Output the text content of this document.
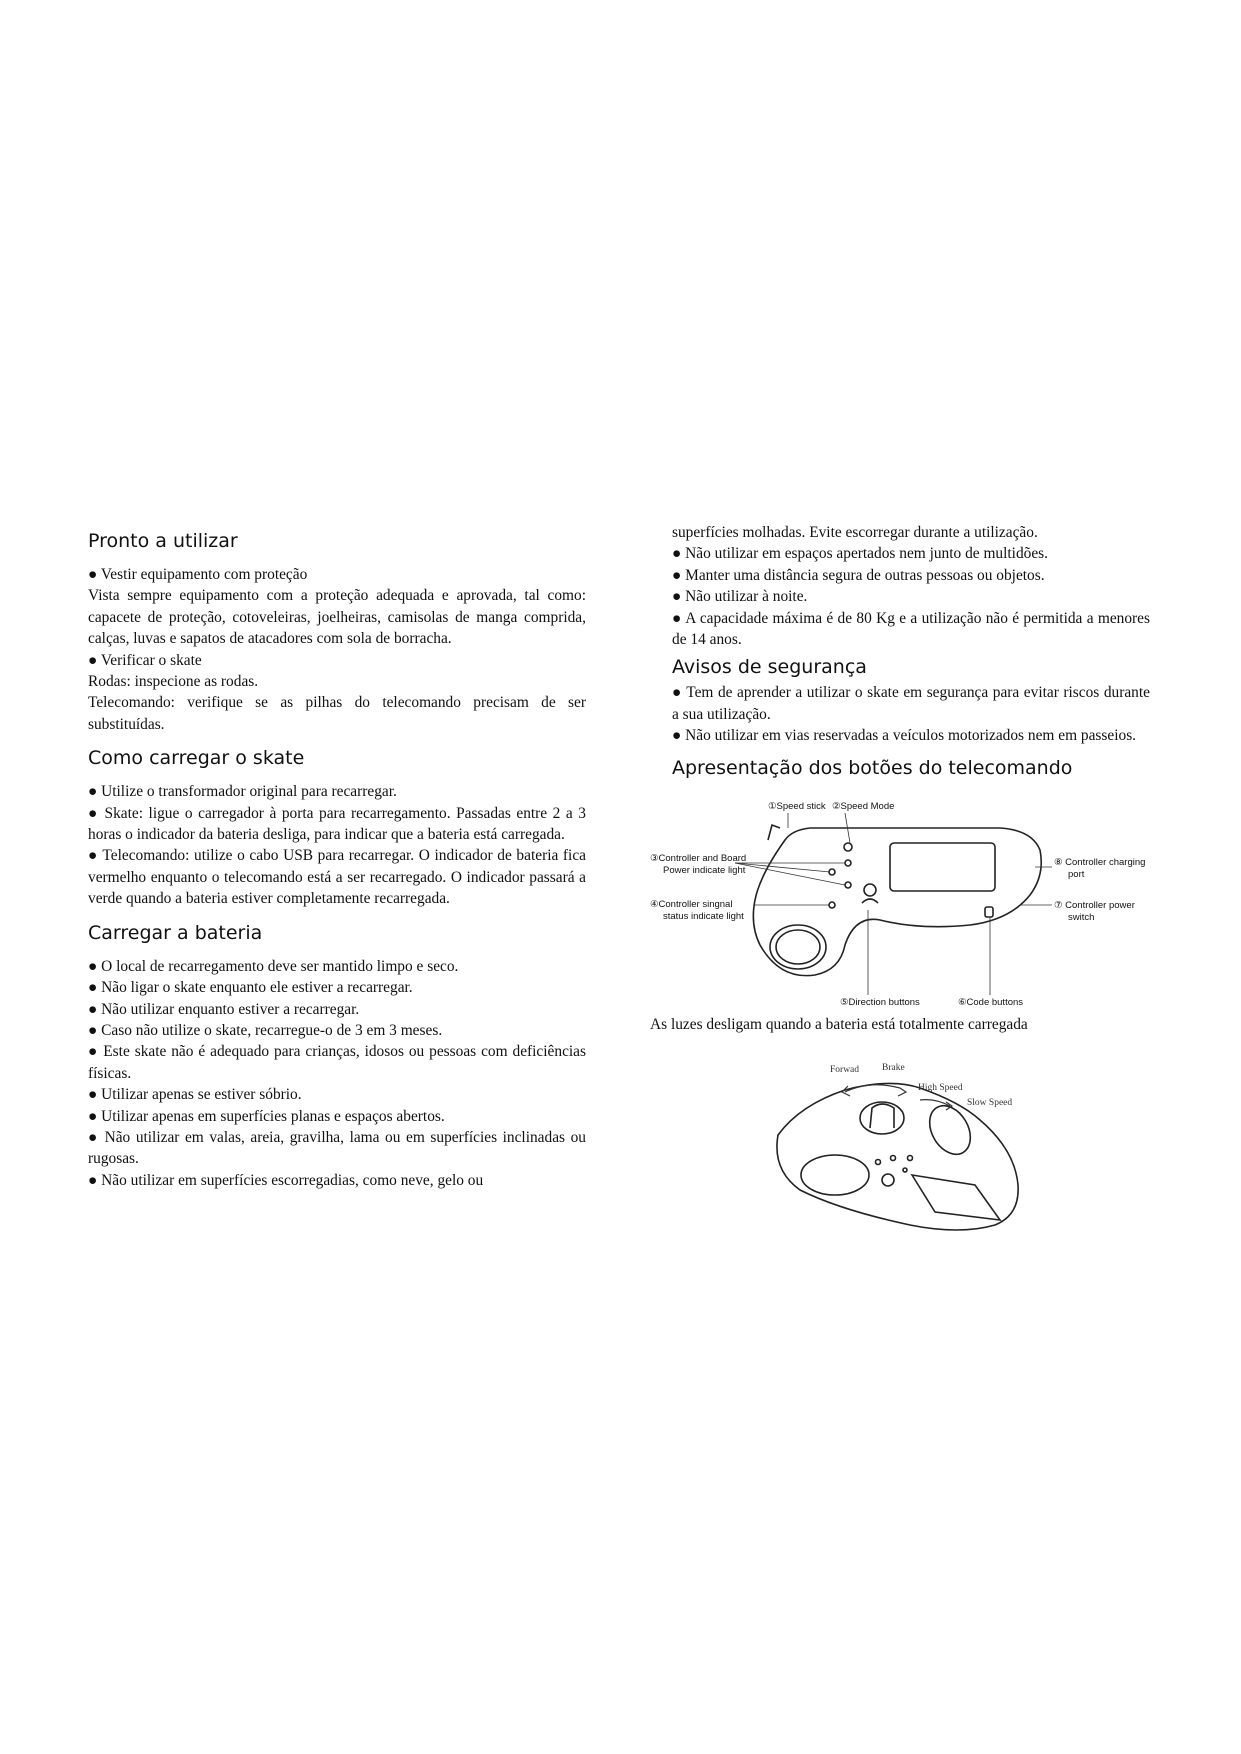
Pronto a utilizar

● Vestir equipamento com proteção

Vista sempre equipamento com a proteção adequada e aprovada, tal como: capacete de proteção, cotoveleiras, joelheiras, camisolas de manga comprida, calças, luvas e sapatos de atacadores com sola de borracha.

● Verificar o skate

Rodas: inspecione as rodas.

Telecomando: verifique se as pilhas do telecomando precisam de ser substituídas.

Como carregar o skate

● Utilize o transformador original para recarregar.

● Skate: ligue o carregador à porta para recarregamento. Passadas entre 2 a 3 horas o indicador da bateria desliga, para indicar que a bateria está carregada.

● Telecomando: utilize o cabo USB para recarregar. O indicador de bateria fica vermelho enquanto o telecomando está a ser recarregado. O indicador passará a verde quando a bateria estiver completamente recarregada.

Carregar a bateria

● O local de recarregamento deve ser mantido limpo e seco.

● Não ligar o skate enquanto ele estiver a recarregar.

● Não utilizar enquanto estiver a recarregar.

● Caso não utilize o skate, recarregue-o de 3 em 3 meses.

● Este skate não é adequado para crianças, idosos ou pessoas com deficiências físicas.

● Utilizar apenas se estiver sóbrio.

● Utilizar apenas em superfícies planas e espaços abertos.

● Não utilizar em valas, areia, gravilha, lama ou em superfícies inclinadas ou rugosas.

● Não utilizar em superfícies escorregadias, como neve, gelo ou

superfícies molhadas. Evite escorregar durante a utilização.

● Não utilizar em espaços apertados nem junto de multidões.

● Manter uma distância segura de outras pessoas ou objetos.

● Não utilizar à noite.

● A capacidade máxima é de 80 Kg e a utilização não é permitida a menores de 14 anos.

Avisos de segurança

● Tem de aprender a utilizar o skate em segurança para evitar riscos durante a sua utilização.

● Não utilizar em vias reservadas a veículos motorizados nem em passeios.

Apresentação dos botões do telecomando
①Speed stick ②Speed Mode
③Controller and Board
Power indicate light
④Controller singnal
status indicate light
⑤Direction buttons	⑥Code buttons
⑦ Controller power
switch
⑧ Controller charging
port
As luzes desligam quando a bateria está totalmente carregada
Forwad Brake
High Speed
Slow Speed
